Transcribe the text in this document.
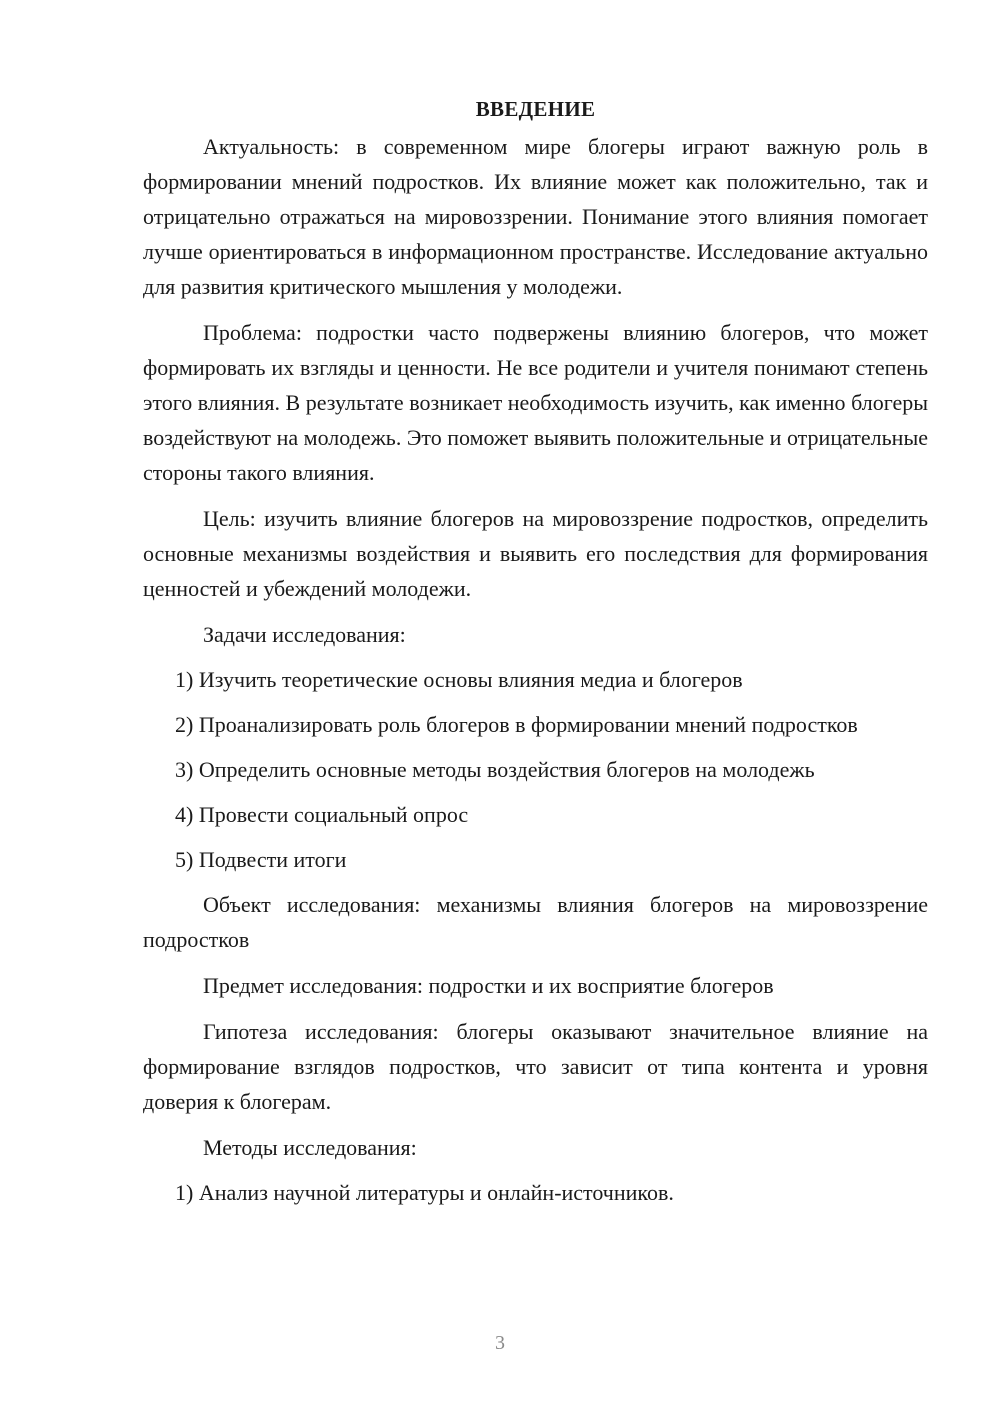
ВВЕДЕНИЕ

Актуальность: в современном мире блогеры играют важную роль в формировании мнений подростков. Их влияние может как положительно, так и отрицательно отражаться на мировоззрении. Понимание этого влияния помогает лучше ориентироваться в информационном пространстве. Исследование актуально для развития критического мышления у молодежи.

Проблема: подростки часто подвержены влиянию блогеров, что может формировать их взгляды и ценности. Не все родители и учителя понимают степень этого влияния. В результате возникает необходимость изучить, как именно блогеры воздействуют на молодежь. Это поможет выявить положительные и отрицательные стороны такого влияния.

Цель: изучить влияние блогеров на мировоззрение подростков, определить основные механизмы воздействия и выявить его последствия для формирования ценностей и убеждений молодежи.

Задачи исследования:

1) Изучить теоретические основы влияния медиа и блогеров

2) Проанализировать роль блогеров в формировании мнений подростков

3) Определить основные методы воздействия блогеров на молодежь

4) Провести социальный опрос

5) Подвести итоги

Объект исследования: механизмы влияния блогеров на мировоззрение подростков

Предмет исследования: подростки и их восприятие блогеров

Гипотеза исследования: блогеры оказывают значительное влияние на формирование взглядов подростков, что зависит от типа контента и уровня доверия к блогерам.

Методы исследования:

1) Анализ научной литературы и онлайн-источников.

3
